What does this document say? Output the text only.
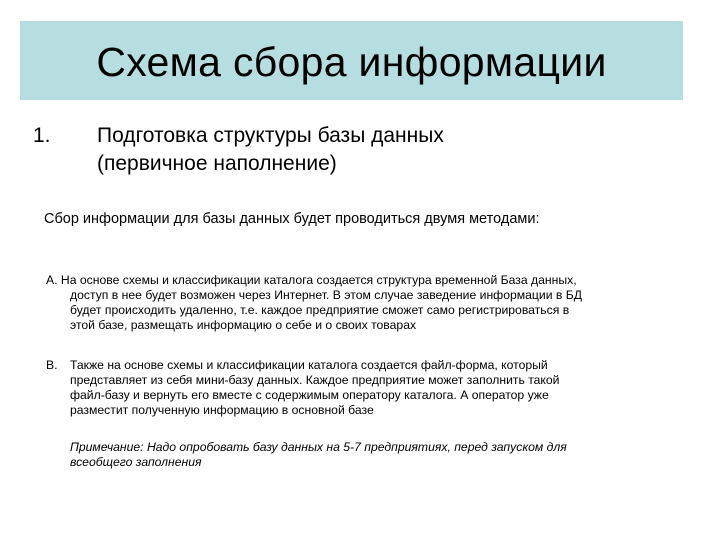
Схема сбора информации
1. Подготовка структуры базы данных
(первичное наполнение)
Сбор информации для базы данных будет проводиться двумя методами:
А. На основе схемы и классификации каталога создается структура временной База данных,
доступ в нее будет возможен через Интернет. В этом случае заведение информации в БД
будет происходить удаленно, т.е. каждое предприятие сможет само регистрироваться в
этой базе, размещать информацию о себе и о своих товарах
В. Также на основе схемы и классификации каталога создается файл-форма, который
представляет из себя мини-базу данных. Каждое предприятие может заполнить такой
файл-базу и вернуть его вместе с содержимым оператору каталога. А оператор уже
разместит полученную информацию в основной базе
Примечание: Надо опробовать базу данных на 5-7 предприятиях, перед запуском для
всеобщего заполнения
